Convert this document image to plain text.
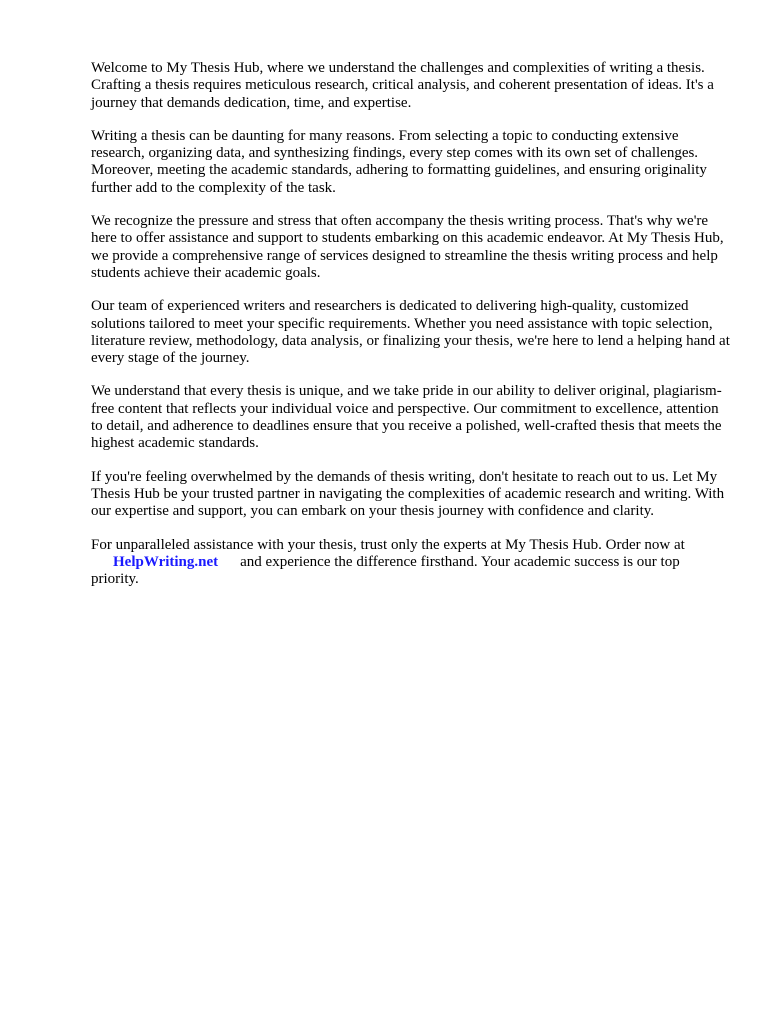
Welcome to My Thesis Hub, where we understand the challenges and complexities of writing a thesis. Crafting a thesis requires meticulous research, critical analysis, and coherent presentation of ideas. It's a journey that demands dedication, time, and expertise.

Writing a thesis can be daunting for many reasons. From selecting a topic to conducting extensive research, organizing data, and synthesizing findings, every step comes with its own set of challenges. Moreover, meeting the academic standards, adhering to formatting guidelines, and ensuring originality further add to the complexity of the task.

We recognize the pressure and stress that often accompany the thesis writing process. That's why we're here to offer assistance and support to students embarking on this academic endeavor. At My Thesis Hub, we provide a comprehensive range of services designed to streamline the thesis writing process and help students achieve their academic goals.

Our team of experienced writers and researchers is dedicated to delivering high-quality, customized solutions tailored to meet your specific requirements. Whether you need assistance with topic selection, literature review, methodology, data analysis, or finalizing your thesis, we're here to lend a helping hand at every stage of the journey.

We understand that every thesis is unique, and we take pride in our ability to deliver original, plagiarism-free content that reflects your individual voice and perspective. Our commitment to excellence, attention to detail, and adherence to deadlines ensure that you receive a polished, well-crafted thesis that meets the highest academic standards.

If you're feeling overwhelmed by the demands of thesis writing, don't hesitate to reach out to us. Let My Thesis Hub be your trusted partner in navigating the complexities of academic research and writing. With our expertise and support, you can embark on your thesis journey with confidence and clarity.

For unparalleled assistance with your thesis, trust only the experts at My Thesis Hub. Order now at
HelpWriting.net and experience the difference firsthand. Your academic success is our top priority.
